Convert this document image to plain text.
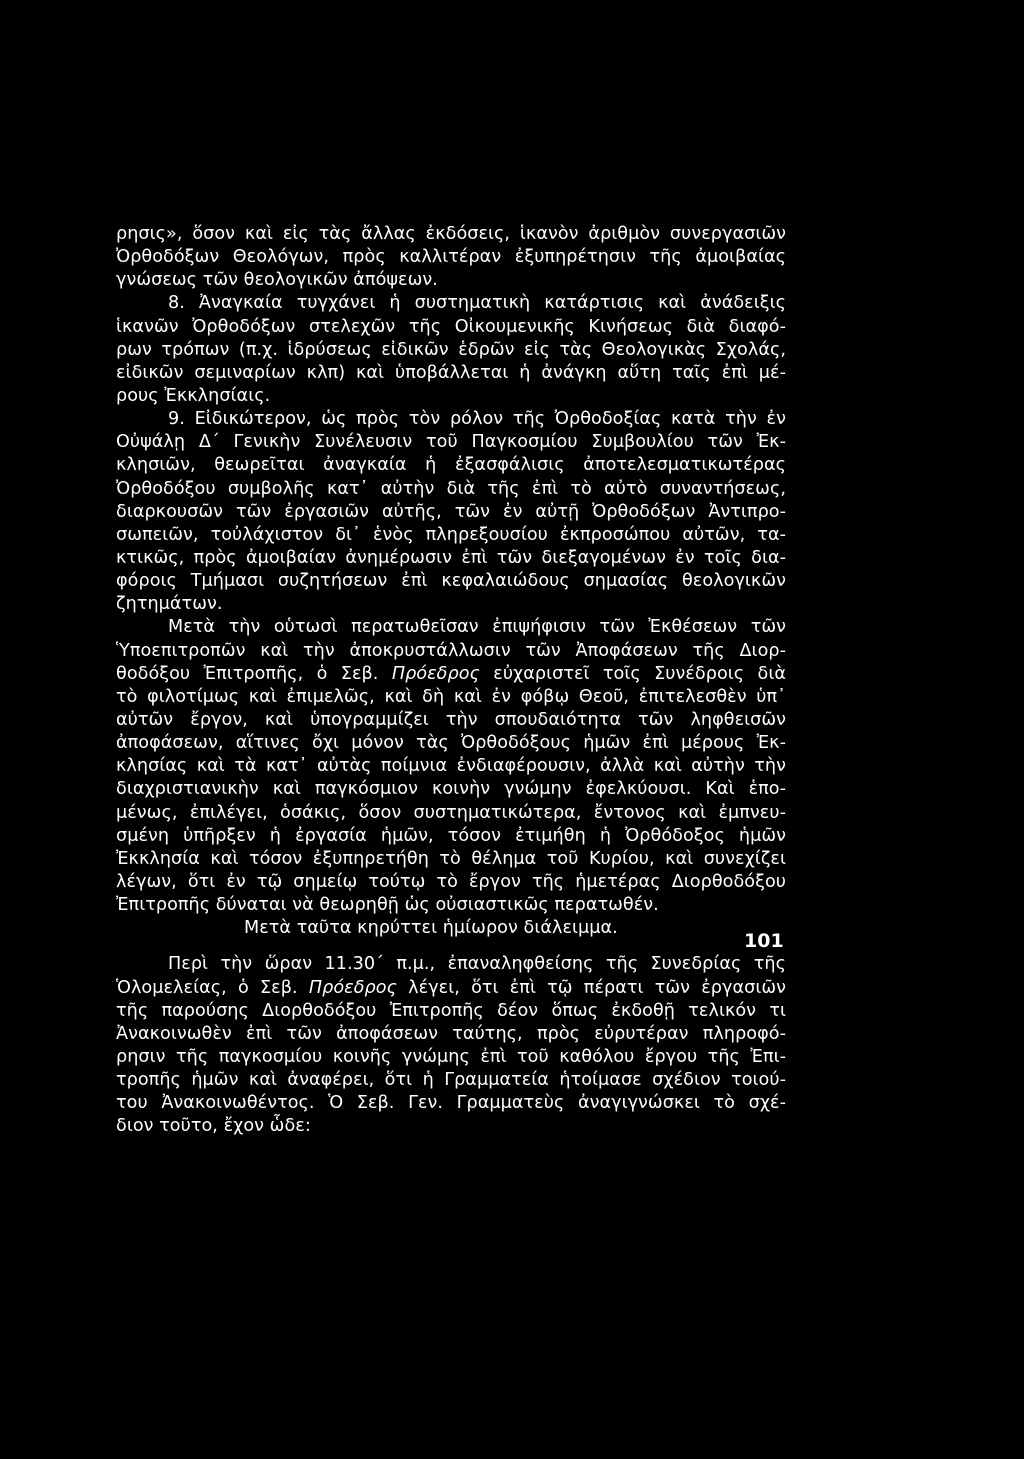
ρησις», ὅσον καὶ εἰς τὰς ἄλλας ἐκδόσεις, ἱκανὸν ἀριθμὸν συνεργασιῶν
Ὀρθοδόξων Θεολόγων, πρὸς καλλιτέραν ἐξυπηρέτησιν τῆς ἀμοιβαίας
γνώσεως τῶν θεολογικῶν ἀπόψεων.
8. Ἀναγκαία τυγχάνει ἡ συστηματικὴ κατάρτισις καὶ ἀνάδειξις
ἱκανῶν Ὀρθοδόξων στελεχῶν τῆς Οἰκουμενικῆς Κινήσεως διὰ διαφό-
ρων τρόπων (π.χ. ἱδρύσεως εἰδικῶν ἑδρῶν εἰς τὰς Θεολογικὰς Σχολάς,
εἰδικῶν σεμιναρίων κλπ) καὶ ὑποβάλλεται ἡ ἀνάγκη αὕτη ταῖς ἐπὶ μέ-
ρους Ἐκκλησίαις.
9. Εἰδικώτερον, ὡς πρὸς τὸν ρόλον τῆς Ὀρθοδοξίας κατὰ τὴν ἐν
Οὐψάλῃ Δ΄ Γενικὴν Συνέλευσιν τοῦ Παγκοσμίου Συμβουλίου τῶν Ἐκ-
κλησιῶν, θεωρεῖται ἀναγκαία ἡ ἐξασφάλισις ἀποτελεσματικωτέρας
Ὀρθοδόξου συμβολῆς κατ᾽ αὐτὴν διὰ τῆς ἐπὶ τὸ αὐτὸ συναντήσεως,
διαρκουσῶν τῶν ἐργασιῶν αὐτῆς, τῶν ἐν αὐτῇ Ὀρθοδόξων Ἀντιπρο-
σωπειῶν, τοὐλάχιστον δι᾽ ἑνὸς πληρεξουσίου ἐκπροσώπου αὐτῶν, τα-
κτικῶς, πρὸς ἀμοιβαίαν ἀνημέρωσιν ἐπὶ τῶν διεξαγομένων ἐν τοῖς δια-
φόροις Τμήμασι συζητήσεων ἐπὶ κεφαλαιώδους σημασίας θεολογικῶν
ζητημάτων.
Μετὰ τὴν οὑτωσὶ περατωθεῖσαν ἐπιψήφισιν τῶν Ἐκθέσεων τῶν
Ὑποεπιτροπῶν καὶ τὴν ἀποκρυστάλλωσιν τῶν Ἀποφάσεων τῆς Διορ-
θοδόξου Ἐπιτροπῆς, ὁ Σεβ. Πρόεδρος εὐχαριστεῖ τοῖς Συνέδροις διὰ
τὸ φιλοτίμως καὶ ἐπιμελῶς, καὶ δὴ καὶ ἐν φόβῳ Θεοῦ, ἐπιτελεσθὲν ὑπ᾽
αὐτῶν ἔργον, καὶ ὑπογραμμίζει τὴν σπουδαιότητα τῶν ληφθεισῶν
ἀποφάσεων, αἵτινες ὄχι μόνον τὰς Ὀρθοδόξους ἡμῶν ἐπὶ μέρους Ἐκ-
κλησίας καὶ τὰ κατ᾽ αὐτὰς ποίμνια ἐνδιαφέρουσιν, ἀλλὰ καὶ αὐτὴν τὴν
διαχριστιανικὴν καὶ παγκόσμιον κοινὴν γνώμην ἐφελκύουσι. Καὶ ἑπο-
μένως, ἐπιλέγει, ὁσάκις, ὅσον συστηματικώτερα, ἔντονος καὶ ἐμπνευ-
σμένη ὑπῆρξεν ἡ ἐργασία ἡμῶν, τόσον ἐτιμήθη ἡ Ὀρθόδοξος ἡμῶν
Ἐκκλησία καὶ τόσον ἐξυπηρετήθη τὸ θέλημα τοῦ Κυρίου, καὶ συνεχίζει
λέγων, ὅτι ἐν τῷ σημείῳ τούτῳ τὸ ἔργον τῆς ἡμετέρας Διορθοδόξου
Ἐπιτροπῆς δύναται νὰ θεωρηθῇ ὡς οὐσιαστικῶς περατωθέν.
Μετὰ ταῦτα κηρύττει ἡμίωρον διάλειμμα.
Περὶ τὴν ὥραν 11.30΄ π.μ., ἐπαναληφθείσης τῆς Συνεδρίας τῆς
Ὁλομελείας, ὁ Σεβ. Πρόεδρος λέγει, ὅτι ἐπὶ τῷ πέρατι τῶν ἐργασιῶν
τῆς παρούσης Διορθοδόξου Ἐπιτροπῆς δέον ὅπως ἐκδοθῇ τελικόν τι
Ἀνακοινωθὲν ἐπὶ τῶν ἀποφάσεων ταύτης, πρὸς εὐρυτέραν πληροφό-
ρησιν τῆς παγκοσμίου κοινῆς γνώμης ἐπὶ τοῦ καθόλου ἔργου τῆς Ἐπι-
τροπῆς ἡμῶν καὶ ἀναφέρει, ὅτι ἡ Γραμματεία ἡτοίμασε σχέδιον τοιού-
του Ἀνακοινωθέντος. Ὁ Σεβ. Γεν. Γραμματεὺς ἀναγιγνώσκει τὸ σχέ-
διον τοῦτο, ἔχον ὧδε:
101
